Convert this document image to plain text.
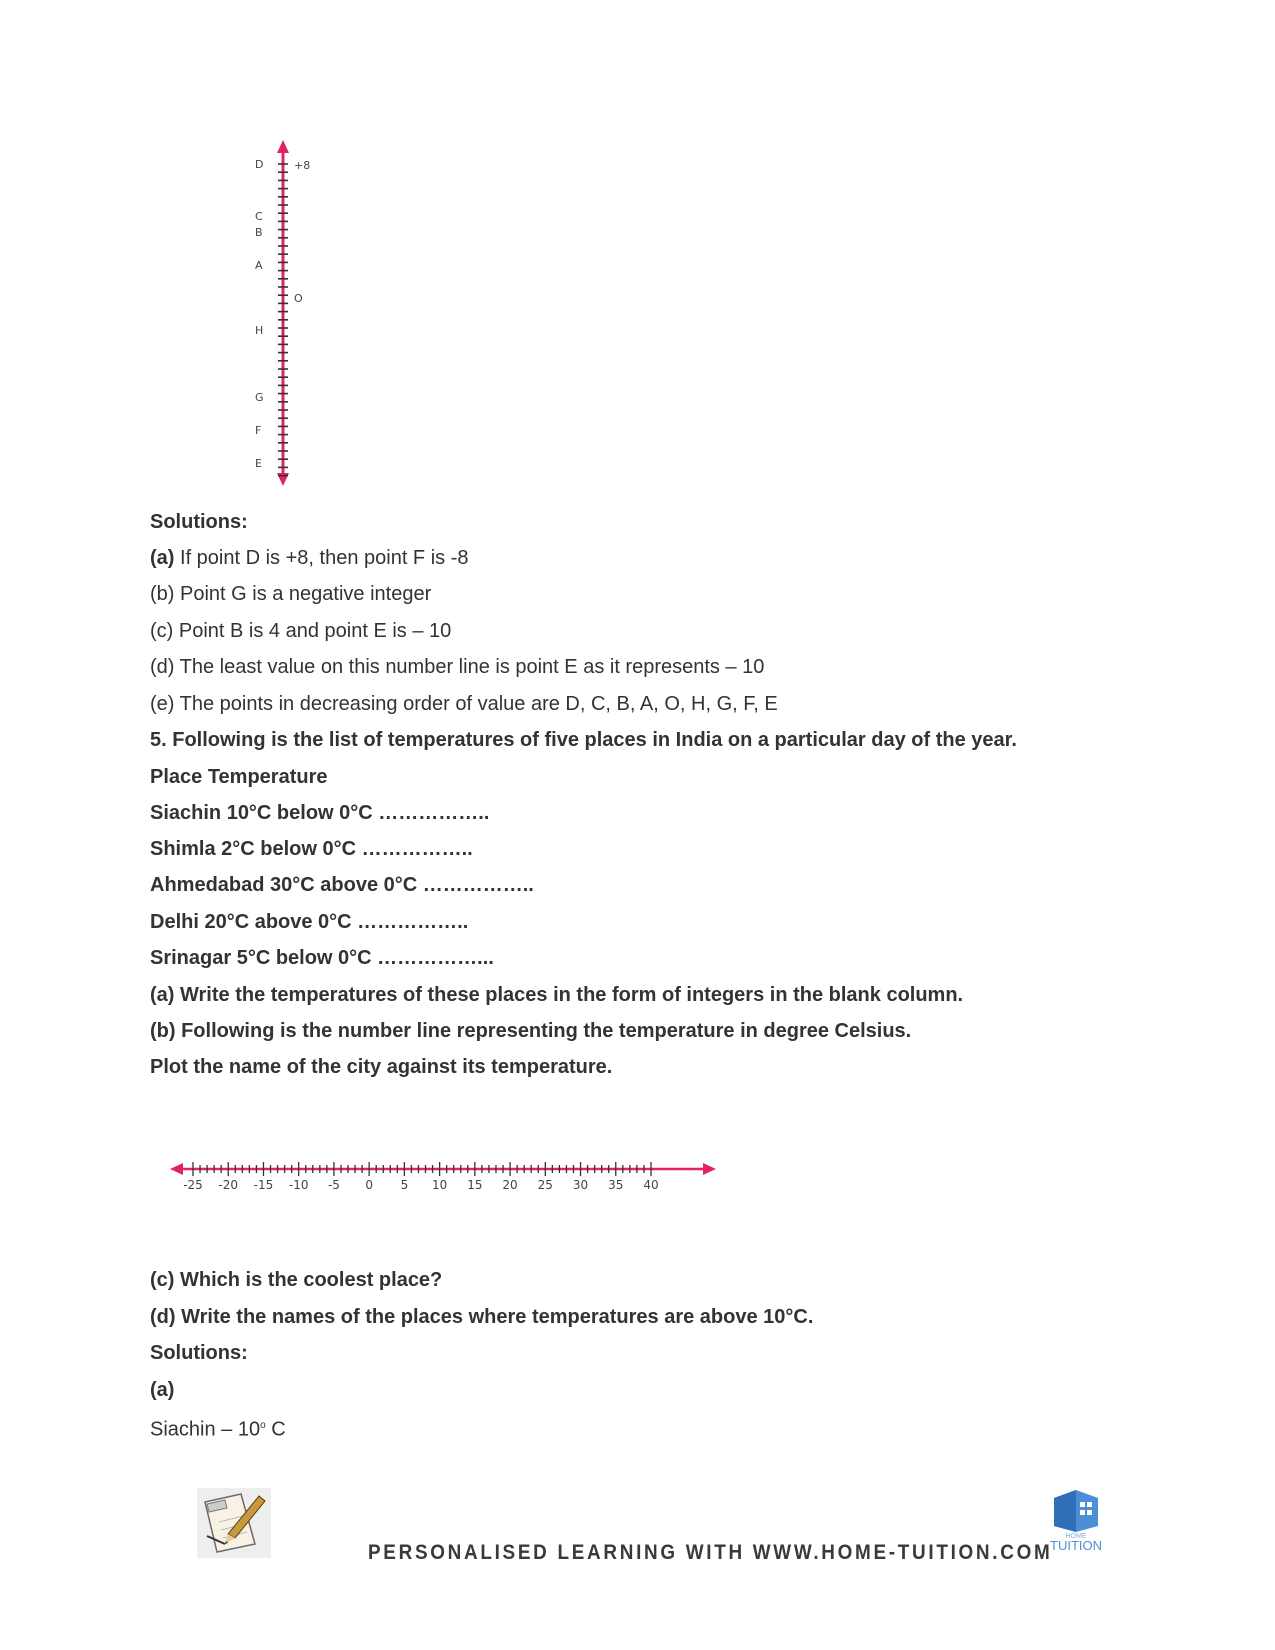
D	+8
C
B
A
O
H
G
F
E
Solutions:
(a) If point D is +8, then point F is -8
(b) Point G is a negative integer
(c) Point B is 4 and point E is – 10
(d) The least value on this number line is point E as it represents – 10
(e) The points in decreasing order of value are D, C, B, A, O, H, G, F, E
5. Following is the list of temperatures of five places in India on a particular day of the year.
Place Temperature
Siachin 10°C below 0°C ……………..
Shimla 2°C below 0°C ……………..
Ahmedabad 30°C above 0°C ……………..
Delhi 20°C above 0°C ……………..
Srinagar 5°C below 0°C ……………...
(a) Write the temperatures of these places in the form of integers in the blank column.
(b) Following is the number line representing the temperature in degree Celsius.
Plot the name of the city against its temperature.
-25 -20 -15 -10 -5 0 5 10 15 20 25 30 35 40
(c) Which is the coolest place?
(d) Write the names of the places where temperatures are above 10°C.
Solutions:
(a)
Siachin – 10$^o$ C
PERSONALISED LEARNING WITH WWW.HOME-TUITION.COM
HOME
TUITION
